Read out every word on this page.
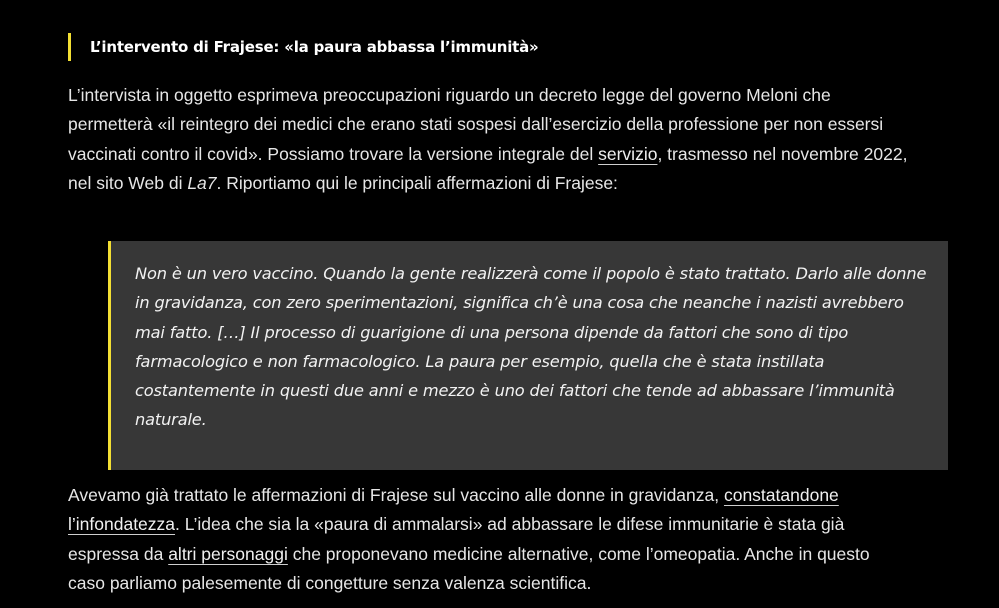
L’intervento di Frajese: «la paura abbassa l’immunità»

L’intervista in oggetto esprimeva preoccupazioni riguardo un decreto legge del governo Meloni che permetterà «il reintegro dei medici che erano stati sospesi dall’esercizio della professione per non essersi vaccinati contro il covid». Possiamo trovare la versione integrale del servizio, trasmesso nel novembre 2022, nel sito Web di La7. Riportiamo qui le principali affermazioni di Frajese:

Non è un vero vaccino. Quando la gente realizzerà come il popolo è stato trattato. Darlo alle donne in gravidanza, con zero sperimentazioni, significa ch’è una cosa che neanche i nazisti avrebbero mai fatto. […] Il processo di guarigione di una persona dipende da fattori che sono di tipo farmacologico e non farmacologico. La paura per esempio, quella che è stata instillata costantemente in questi due anni e mezzo è uno dei fattori che tende ad abbassare l’immunità naturale.

Avevamo già trattato le affermazioni di Frajese sul vaccino alle donne in gravidanza, constatandone l’infondatezza. L’idea che sia la «paura di ammalarsi» ad abbassare le difese immunitarie è stata già espressa da altri personaggi che proponevano medicine alternative, come l’omeopatia. Anche in questo caso parliamo palesemente di congetture senza valenza scientifica.
